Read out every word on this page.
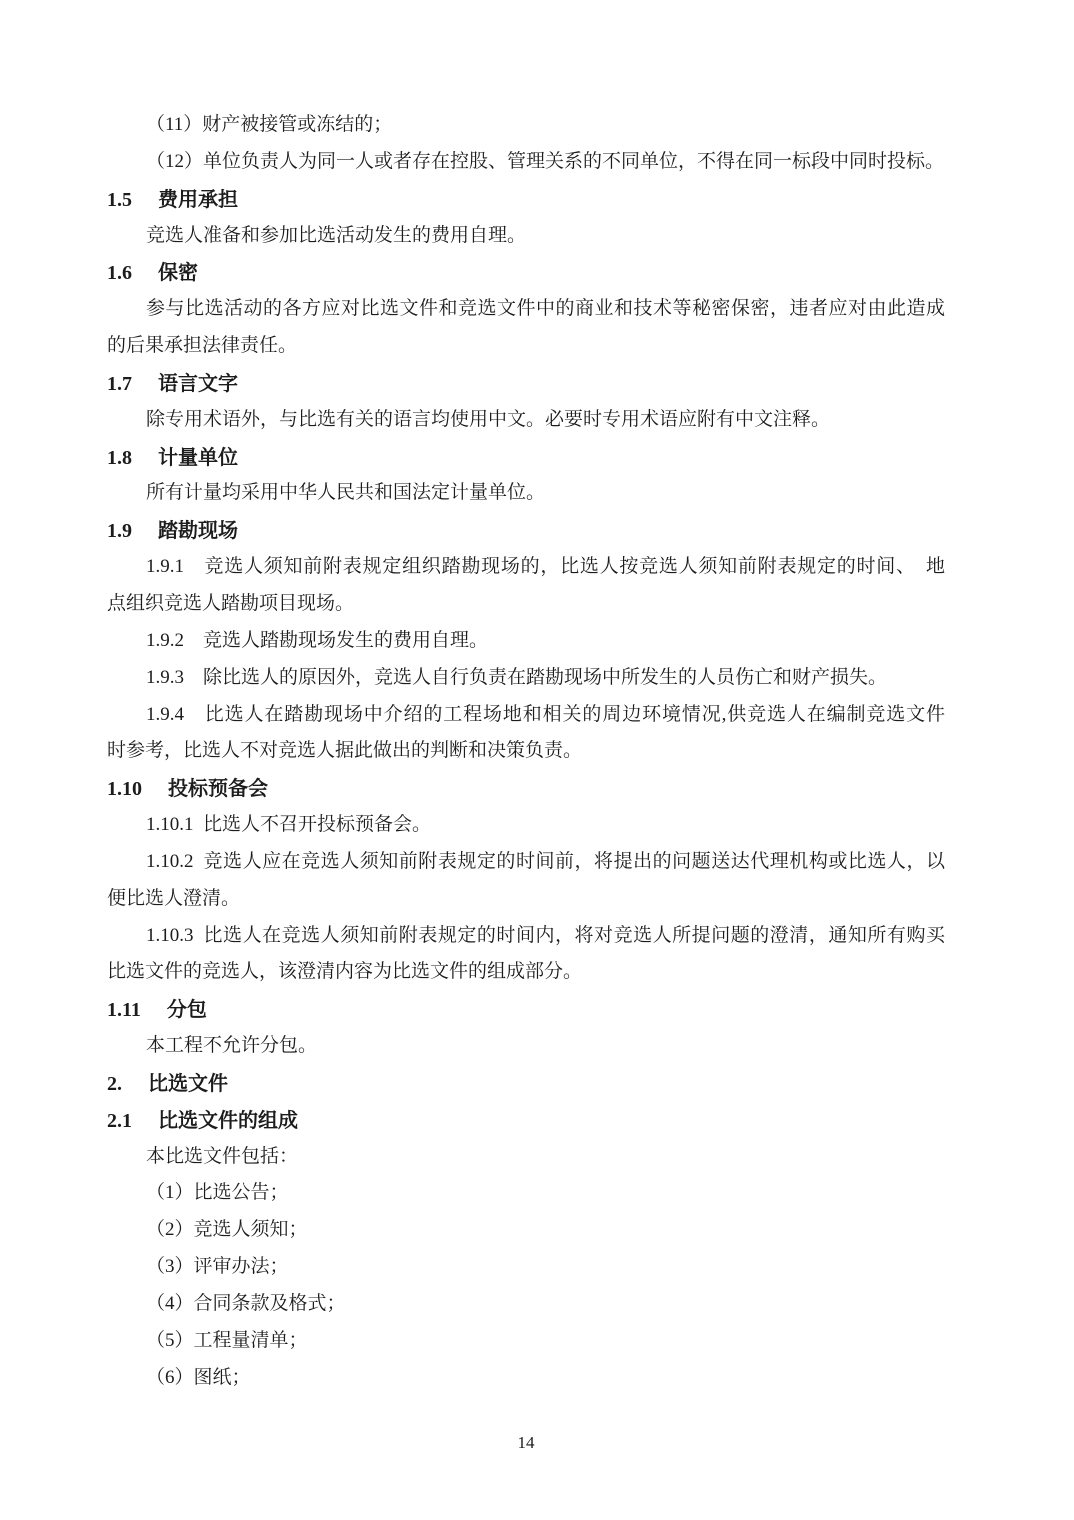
（11）财产被接管或冻结的；
（12）单位负责人为同一人或者存在控股、管理关系的不同单位，不得在同一标段中同时投标。
1.5 费用承担
竞选人准备和参加比选活动发生的费用自理。
1.6 保密
参与比选活动的各方应对比选文件和竞选文件中的商业和技术等秘密保密，违者应对由此造成
的后果承担法律责任。
1.7 语言文字
除专用术语外，与比选有关的语言均使用中文。必要时专用术语应附有中文注释。
1.8 计量单位
所有计量均采用中华人民共和国法定计量单位。
1.9 踏勘现场
1.9.1　竞选人须知前附表规定组织踏勘现场的，比选人按竞选人须知前附表规定的时间、　地
点组织竞选人踏勘项目现场。
1.9.2　竞选人踏勘现场发生的费用自理。
1.9.3　除比选人的原因外，竞选人自行负责在踏勘现场中所发生的人员伤亡和财产损失。
1.9.4　比选人在踏勘现场中介绍的工程场地和相关的周边环境情况,供竞选人在编制竞选文件
时参考，比选人不对竞选人据此做出的判断和决策负责。
1.10 投标预备会
1.10.1 比选人不召开投标预备会。
1.10.2 竞选人应在竞选人须知前附表规定的时间前，将提出的问题送达代理机构或比选人，以
便比选人澄清。
1.10.3 比选人在竞选人须知前附表规定的时间内，将对竞选人所提问题的澄清，通知所有购买
比选文件的竞选人，该澄清内容为比选文件的组成部分。
1.11 分包
本工程不允许分包。
2. 比选文件
2.1 比选文件的组成
本比选文件包括：
（1）比选公告；
（2）竞选人须知；
（3）评审办法；
（4）合同条款及格式；
（5）工程量清单；
（6）图纸；
14
